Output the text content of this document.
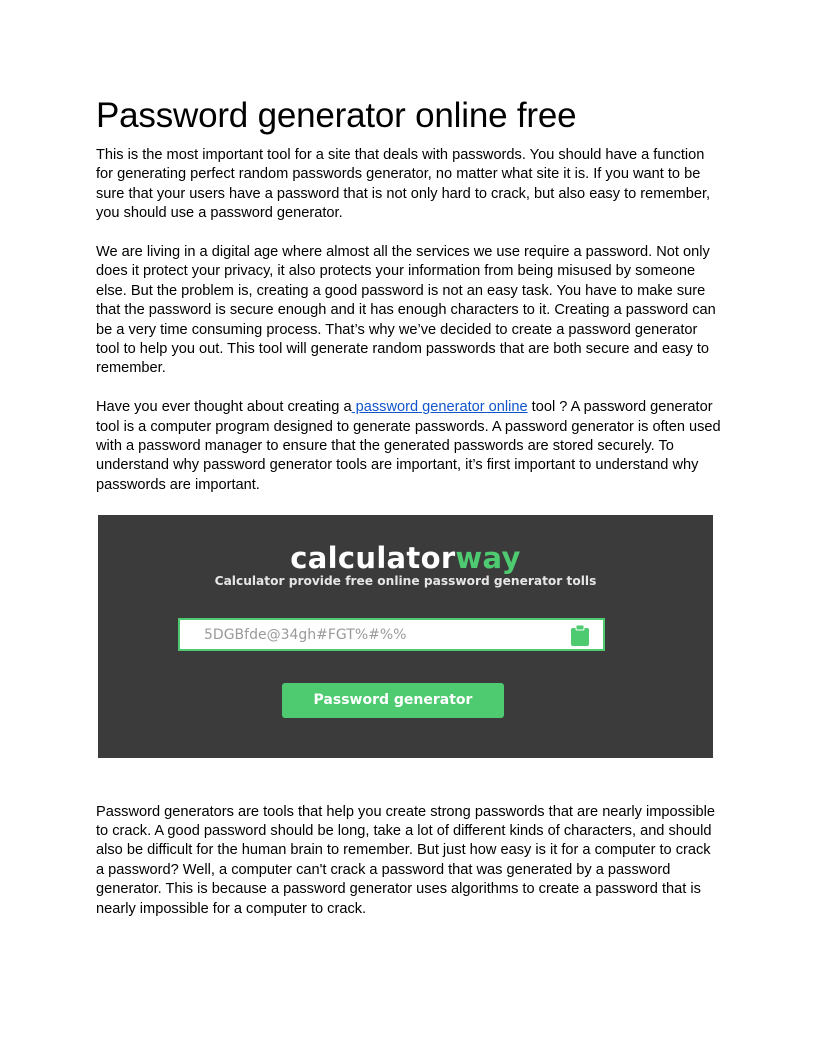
Password generator online free

This is the most important tool for a site that deals with passwords. You should have a function for generating perfect random passwords generator, no matter what site it is. If you want to be sure that your users have a password that is not only hard to crack, but also easy to remember, you should use a password generator.

We are living in a digital age where almost all the services we use require a password. Not only does it protect your privacy, it also protects your information from being misused by someone else. But the problem is, creating a good password is not an easy task. You have to make sure that the password is secure enough and it has enough characters to it. Creating a password can be a very time consuming process. That’s why we’ve decided to create a password generator tool to help you out. This tool will generate random passwords that are both secure and easy to remember.

Have you ever thought about creating a password generator online tool ? A password generator tool is a computer program designed to generate passwords. A password generator is often used with a password manager to ensure that the generated passwords are stored securely. To understand why password generator tools are important, it’s first important to understand why passwords are important.

calculatorway
Calculator provide free online password generator tolls
5DGBfde@34gh#FGT%#%%
Password generator

Password generators are tools that help you create strong passwords that are nearly impossible to crack. A good password should be long, take a lot of different kinds of characters, and should also be difficult for the human brain to remember. But just how easy is it for a computer to crack a password? Well, a computer can't crack a password that was generated by a password generator. This is because a password generator uses algorithms to create a password that is nearly impossible for a computer to crack.
